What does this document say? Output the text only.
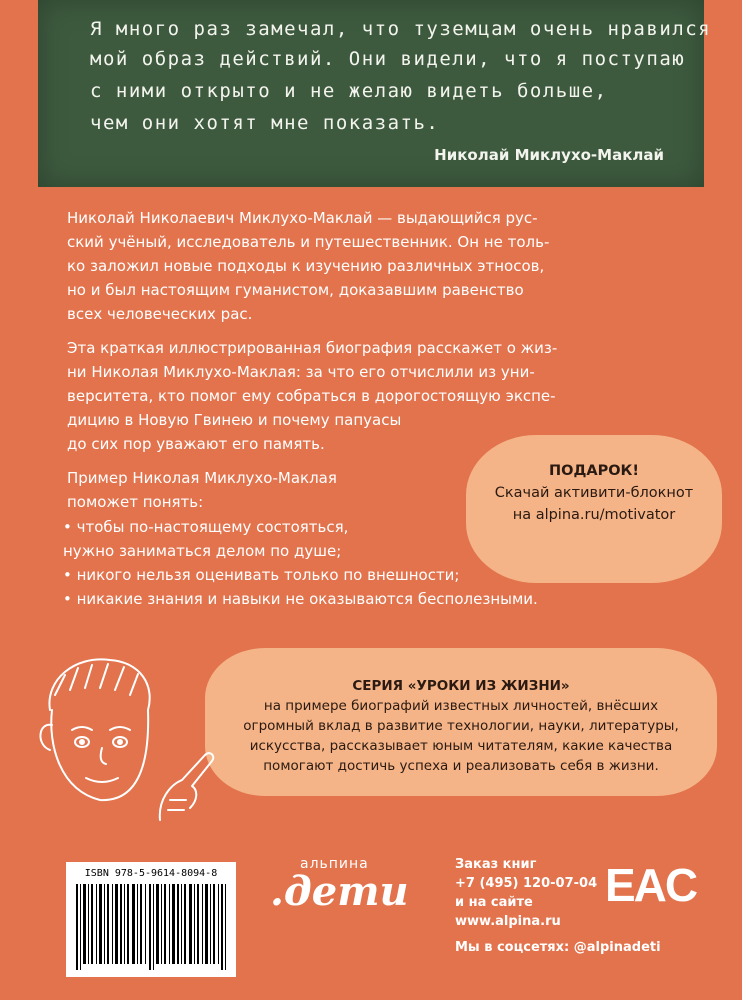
Я много раз замечал, что туземцам очень нравился
мой образ действий. Они видели, что я поступаю
с ними открыто и не желаю видеть больше,
чем они хотят мне показать.
Николай Миклухо-Маклай
Николай Николаевич Миклухо-Маклай — выдающийся рус-
ский учёный, исследователь и путешественник. Он не толь-
ко заложил новые подходы к изучению различных этносов,
но и был настоящим гуманистом, доказавшим равенство
всех человеческих рас.
Эта краткая иллюстрированная биография расскажет о жиз-
ни Николая Миклухо-Маклая: за что его отчислили из уни-
верситета, кто помог ему собраться в дорогостоящую экспе-
дицию в Новую Гвинею и почему папуасы
до сих пор уважают его память.
Пример Николая Миклухо-Маклая
поможет понять:
• чтобы по-настоящему состояться,
нужно заниматься делом по душе;
• никого нельзя оценивать только по внешности;
• никакие знания и навыки не оказываются бесполезными.
ПОДАРОК!
Скачай активити-блокнот
на alpina.ru/motivator
СЕРИЯ «УРОКИ ИЗ ЖИЗНИ»
на примере биографий известных личностей, внёсших
огромный вклад в развитие технологии, науки, литературы,
искусства, рассказывает юным читателям, какие качества
помогают достичь успеха и реализовать себя в жизни.
ISBN 978-5-9614-8094-8
альпина
.дети
Заказ книг
+7 (495) 120-07-04
и на сайте
www.alpina.ru
EAC
Мы в соцсетях: @alpinadeti
